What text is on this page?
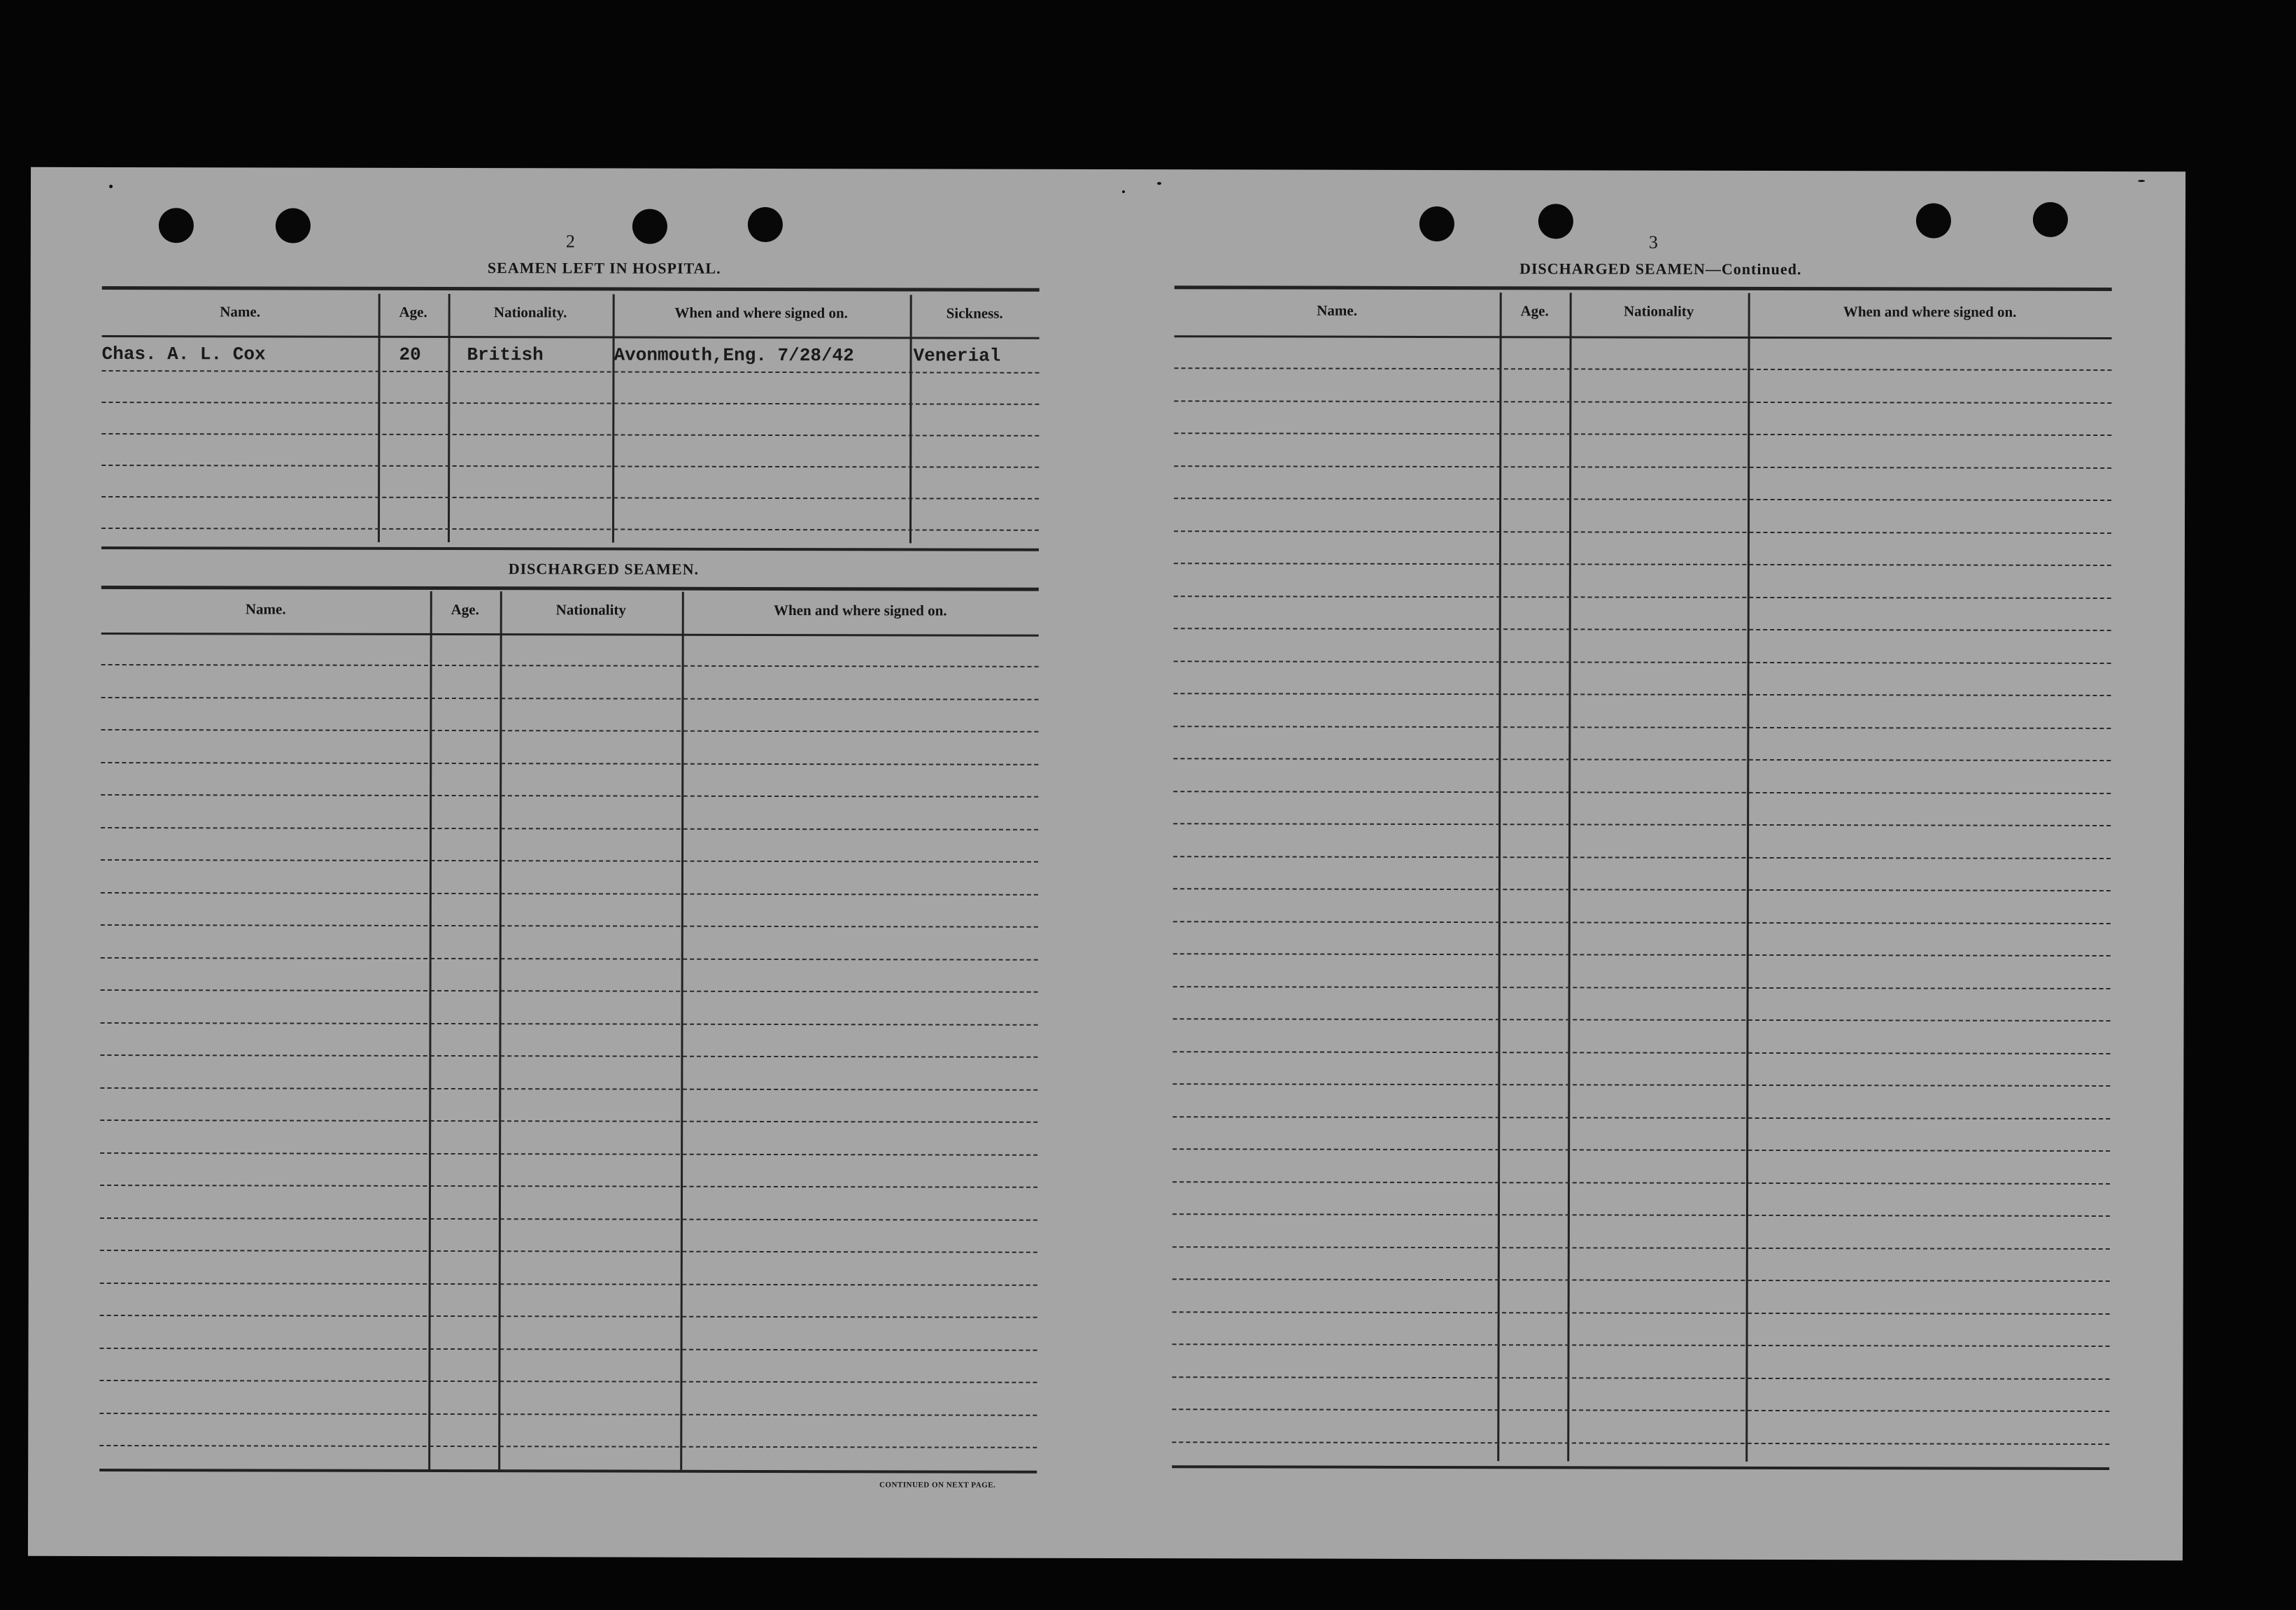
2
SEAMEN LEFT IN HOSPITAL.
Name.	Age.	Nationality.	When and where signed on.	Sickness.
Chas. A. L. Cox	20	British	Avonmouth,Eng. 7/28/42	Venerial
DISCHARGED SEAMEN.
Name.	Age.	Nationality	When and where signed on.
CONTINUED ON NEXT PAGE.
3
DISCHARGED SEAMEN—Continued.
Name.	Age.	Nationality	When and where signed on.
